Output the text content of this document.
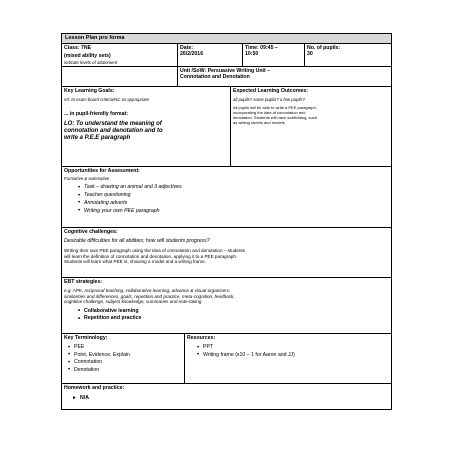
Lesson Plan pro forma
Class: 7NE
(mixed ability sets)
indicate levels of attainment
Date:
26/2/2016
Time: 09:45 –
10:50
No. of pupils:
30
Unit /SoW: Persuasive Writing Unit –
Connotation and Denotation
Key Learning Goals:
ref. to exam board criteria/NC as appropriate
... in pupil-friendly format:
LO: To understand the meaning of
connotation and denotation and to
write a P.E.E paragraph
Expected Learning Outcomes:
all pupils? some pupils? a few pupils?
All pupils will be able to write a PEE paragraph,
incorporating the idea of connotation and
denotation. Students will have scaffolding, such
as writing sheets and models.
Opportunities for Assessment:
Formative & summative
• Task – drawing an animal and 3 adjectives
• Teacher questioning
• Annotating adverts
• Writing your own PEE paragraph
Cognitive challenges:
Desirable difficulties for all abilities; how will students progress?
Writing their own PEE paragraph using the idea of connotation and denotation – students
will learn the definition of connotation and denotation, applying it to a PEE paragraph.
Students will learn what PEE is, showing a model and a writing frame.
EBT strategies:
e.g. APK, reciprocal teaching, collaborative learning, advance & visual organisers,
similarities and differences, goals, repetition and practice, meta-cognition, feedback,
cognitive challenge, subject knowledge, summaries and note-taking
• Collaborative learning
• Repetition and practice
Key Terminology:
• PEE
• Point, Evidence, Explain
• Connotation
• Denotation
Resources:
• PPT
• Writing frame (x10 – 1 for Aaron and JJ)
Homework and practice:
► N/A
